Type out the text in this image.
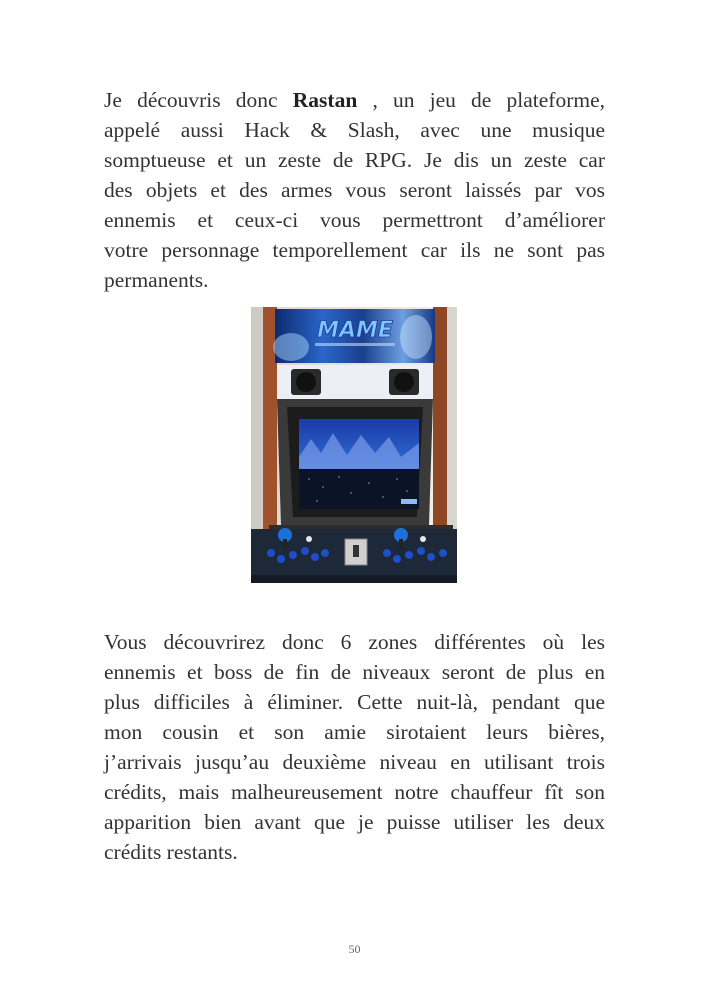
Je découvris donc Rastan , un jeu de plateforme,
appelé aussi Hack & Slash, avec une musique
somptueuse et un zeste de RPG. Je dis un zeste car
des objets et des armes vous seront laissés par vos
ennemis et ceux-ci vous permettront d’améliorer
votre personnage temporellement car ils ne sont pas
permanents.

MAME

Vous découvrirez donc 6 zones différentes où les
ennemis et boss de fin de niveaux seront de plus en
plus difficiles à éliminer. Cette nuit-là, pendant que
mon cousin et son amie sirotaient leurs bières,
j’arrivais jusqu’au deuxième niveau en utilisant trois
crédits, mais malheureusement notre chauffeur fît son
apparition bien avant que je puisse utiliser les deux
crédits restants.

50
